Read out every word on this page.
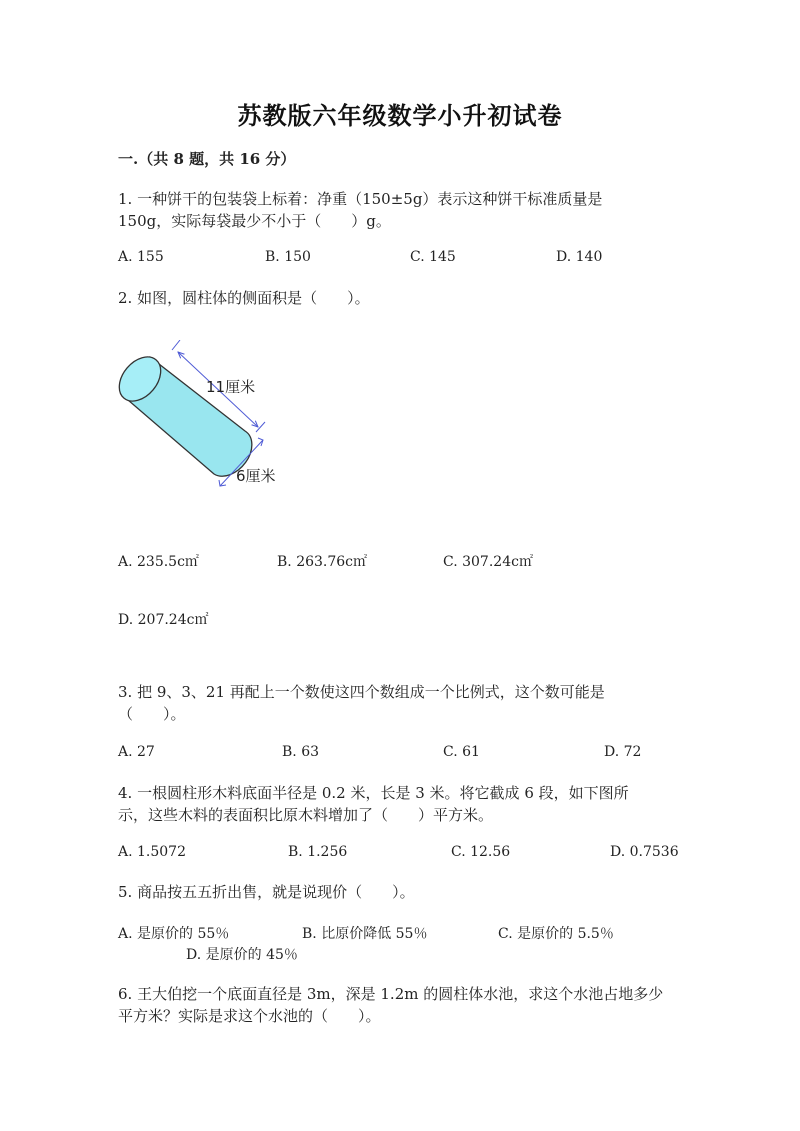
苏教版六年级数学小升初试卷
一.（共 8 题，共 16 分）
1. 一种饼干的包装袋上标着：净重（150±5g）表示这种饼干标准质量是
150g，实际每袋最少不小于（　　）g。
A. 155	B. 150	C. 145	D. 140
2. 如图，圆柱体的侧面积是（　　）。
11厘米
6厘米
A. 235.5c㎡	B. 263.76c㎡	C. 307.24c㎡
D. 207.24c㎡
3. 把 9、3、21 再配上一个数使这四个数组成一个比例式，这个数可能是
（　　）。
A. 27	B. 63	C. 61	D. 72
4. 一根圆柱形木料底面半径是 0.2 米，长是 3 米。将它截成 6 段，如下图所
示，这些木料的表面积比原木料增加了（　　）平方米。
A. 1.5072	B. 1.256	C. 12.56	D. 0.7536
5. 商品按五五折出售，就是说现价（　　）。
A. 是原价的 55％	B. 比原价降低 55％	C. 是原价的 5.5％
D. 是原价的 45％
6. 王大伯挖一个底面直径是 3m，深是 1.2m 的圆柱体水池，求这个水池占地多少
平方米？实际是求这个水池的（　　）。
